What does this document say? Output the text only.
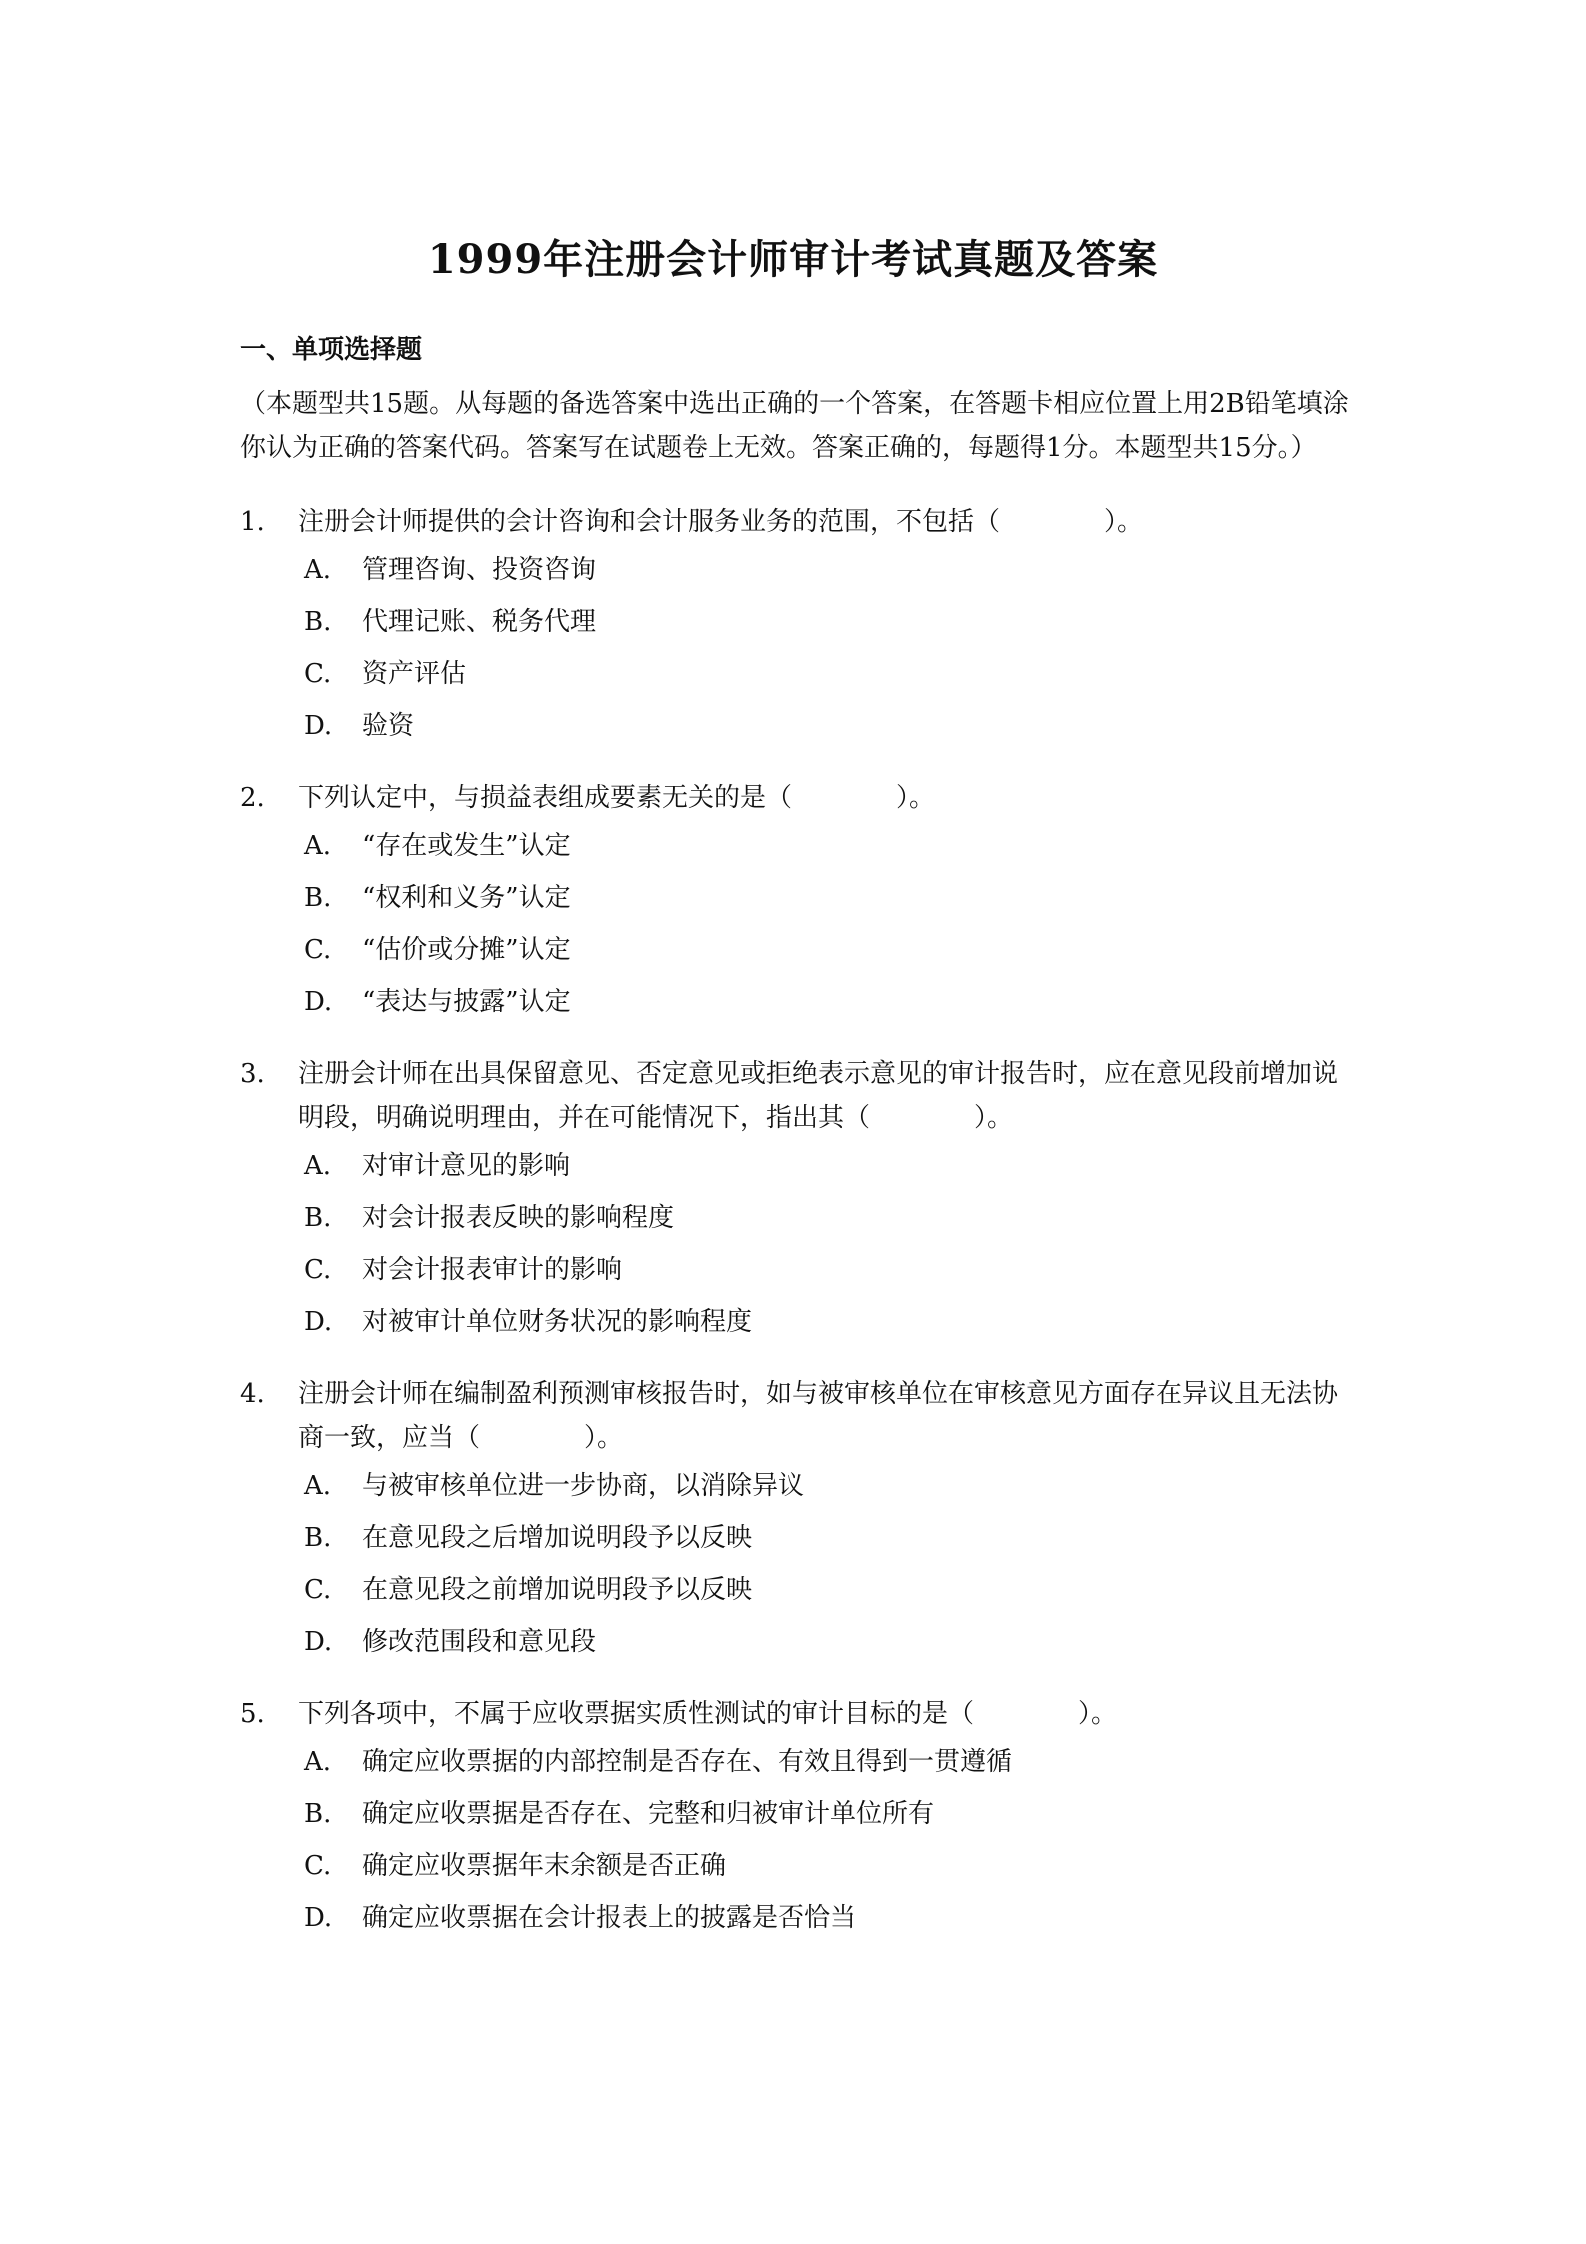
1999年注册会计师审计考试真题及答案
一、单项选择题
（本题型共15题。从每题的备选答案中选出正确的一个答案，在答题卡相应位置上用2B铅笔填涂你认为正确的答案代码。答案写在试题卷上无效。答案正确的，每题得1分。本题型共15分。）
1.	注册会计师提供的会计咨询和会计服务业务的范围，不包括（　　　　）。
A.	管理咨询、投资咨询
B.	代理记账、税务代理
C.	资产评估
D.	验资
2.	下列认定中，与损益表组成要素无关的是（　　　　）。
A.	“存在或发生”认定
B.	“权利和义务”认定
C.	“估价或分摊”认定
D.	“表达与披露”认定
3.	注册会计师在出具保留意见、否定意见或拒绝表示意见的审计报告时，应在意见段前增加说明段，明确说明理由，并在可能情况下，指出其（　　　　）。
A.	对审计意见的影响
B.	对会计报表反映的影响程度
C.	对会计报表审计的影响
D.	对被审计单位财务状况的影响程度
4.	注册会计师在编制盈利预测审核报告时，如与被审核单位在审核意见方面存在异议且无法协商一致，应当（　　　　）。
A.	与被审核单位进一步协商，以消除异议
B.	在意见段之后增加说明段予以反映
C.	在意见段之前增加说明段予以反映
D.	修改范围段和意见段
5.	下列各项中，不属于应收票据实质性测试的审计目标的是（　　　　）。
A.	确定应收票据的内部控制是否存在、有效且得到一贯遵循
B.	确定应收票据是否存在、完整和归被审计单位所有
C.	确定应收票据年末余额是否正确
D.	确定应收票据在会计报表上的披露是否恰当
